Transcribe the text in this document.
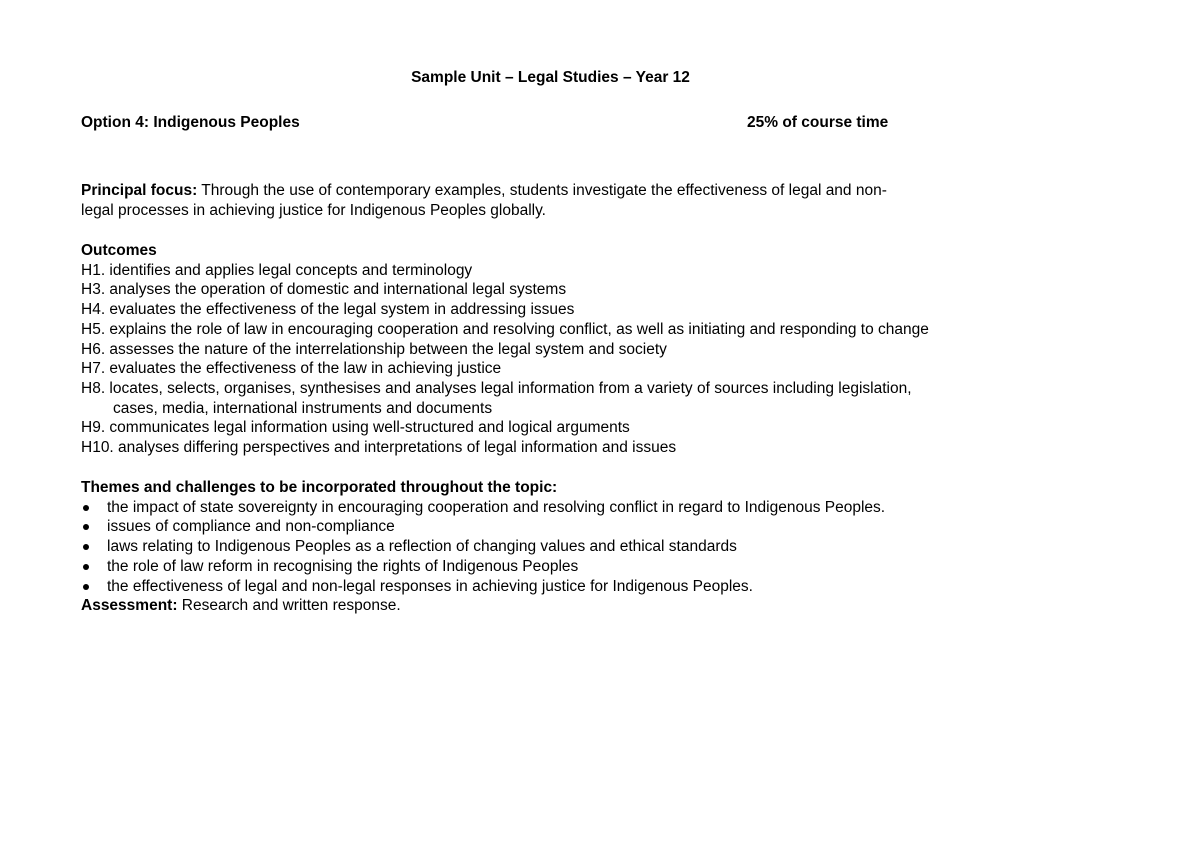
Sample Unit – Legal Studies – Year 12
Option 4: Indigenous Peoples	25% of course time
Principal focus: Through the use of contemporary examples, students investigate the effectiveness of legal and non-
legal processes in achieving justice for Indigenous Peoples globally.
Outcomes
H1. identifies and applies legal concepts and terminology
H3. analyses the operation of domestic and international legal systems
H4. evaluates the effectiveness of the legal system in addressing issues
H5. explains the role of law in encouraging cooperation and resolving conflict, as well as initiating and responding to change
H6. assesses the nature of the interrelationship between the legal system and society
H7. evaluates the effectiveness of the law in achieving justice
H8. locates, selects, organises, synthesises and analyses legal information from a variety of sources including legislation,
cases, media, international instruments and documents
H9. communicates legal information using well-structured and logical arguments
H10. analyses differing perspectives and interpretations of legal information and issues
Themes and challenges to be incorporated throughout the topic:
the impact of state sovereignty in encouraging cooperation and resolving conflict in regard to Indigenous Peoples.
issues of compliance and non-compliance
laws relating to Indigenous Peoples as a reflection of changing values and ethical standards
the role of law reform in recognising the rights of Indigenous Peoples
the effectiveness of legal and non-legal responses in achieving justice for Indigenous Peoples.
Assessment: Research and written response.
